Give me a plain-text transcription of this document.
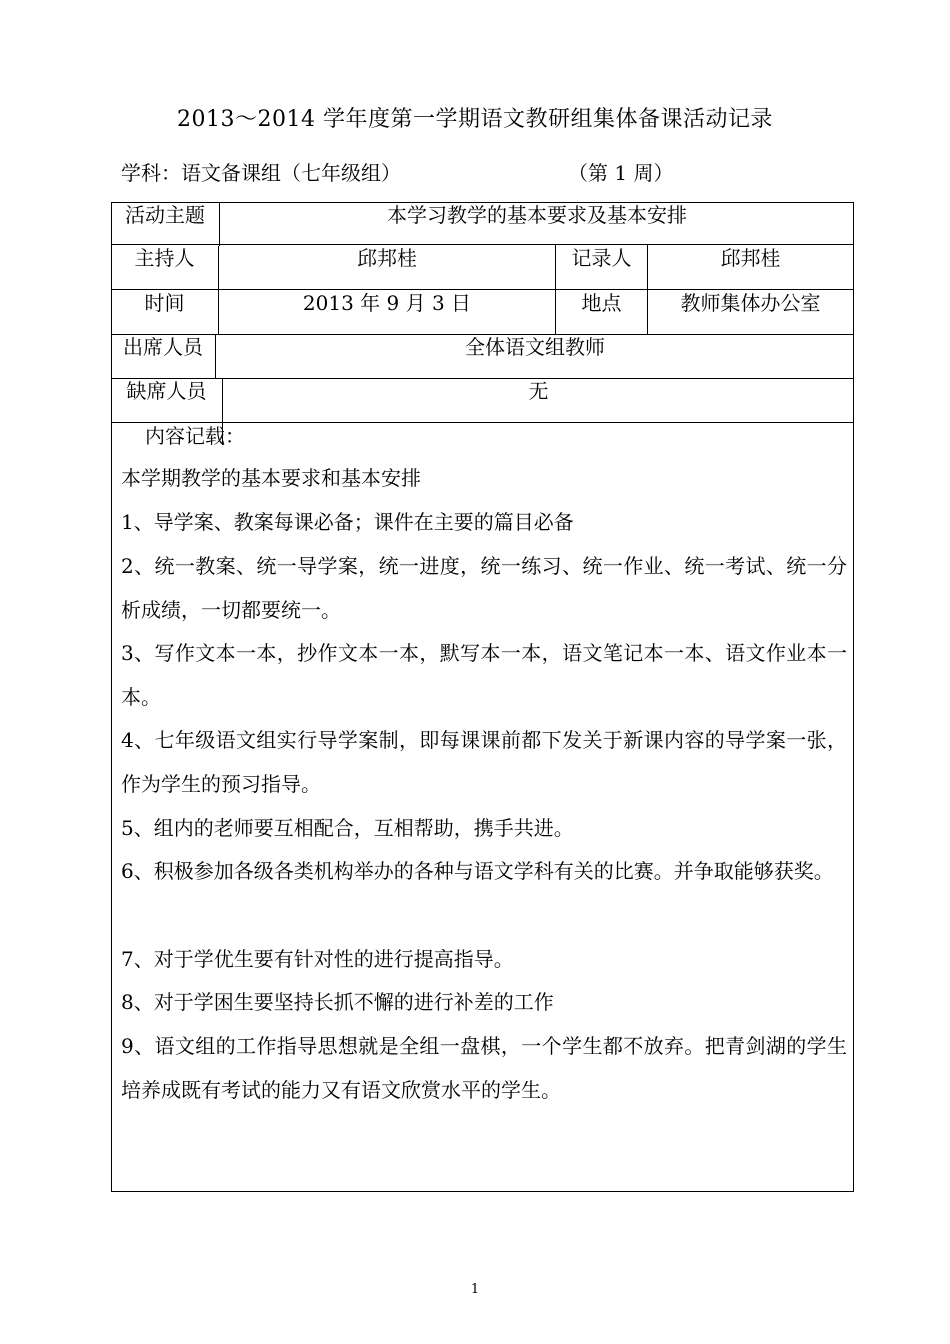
2013～2014 学年度第一学期语文教研组集体备课活动记录
学科：语文备课组（七年级组）	（第 1 周）
活动主题	本学习教学的基本要求及基本安排
主持人	邱邦桂	记录人	邱邦桂
时间	2013 年 9 月 3 日	地点	教师集体办公室
出席人员	全体语文组教师
缺席人员	无
内容记载：
本学期教学的基本要求和基本安排
1、导学案、教案每课必备；课件在主要的篇目必备
2、统一教案、统一导学案，统一进度，统一练习、统一作业、统一考试、统一分析成绩，一切都要统一。
3、写作文本一本，抄作文本一本，默写本一本，语文笔记本一本、语文作业本一本。
4、七年级语文组实行导学案制，即每课课前都下发关于新课内容的导学案一张，作为学生的预习指导。
5、组内的老师要互相配合，互相帮助，携手共进。
6、积极参加各级各类机构举办的各种与语文学科有关的比赛。并争取能够获奖。
7、对于学优生要有针对性的进行提高指导。
8、对于学困生要坚持长抓不懈的进行补差的工作
9、语文组的工作指导思想就是全组一盘棋，一个学生都不放弃。把青剑湖的学生培养成既有考试的能力又有语文欣赏水平的学生。
1
